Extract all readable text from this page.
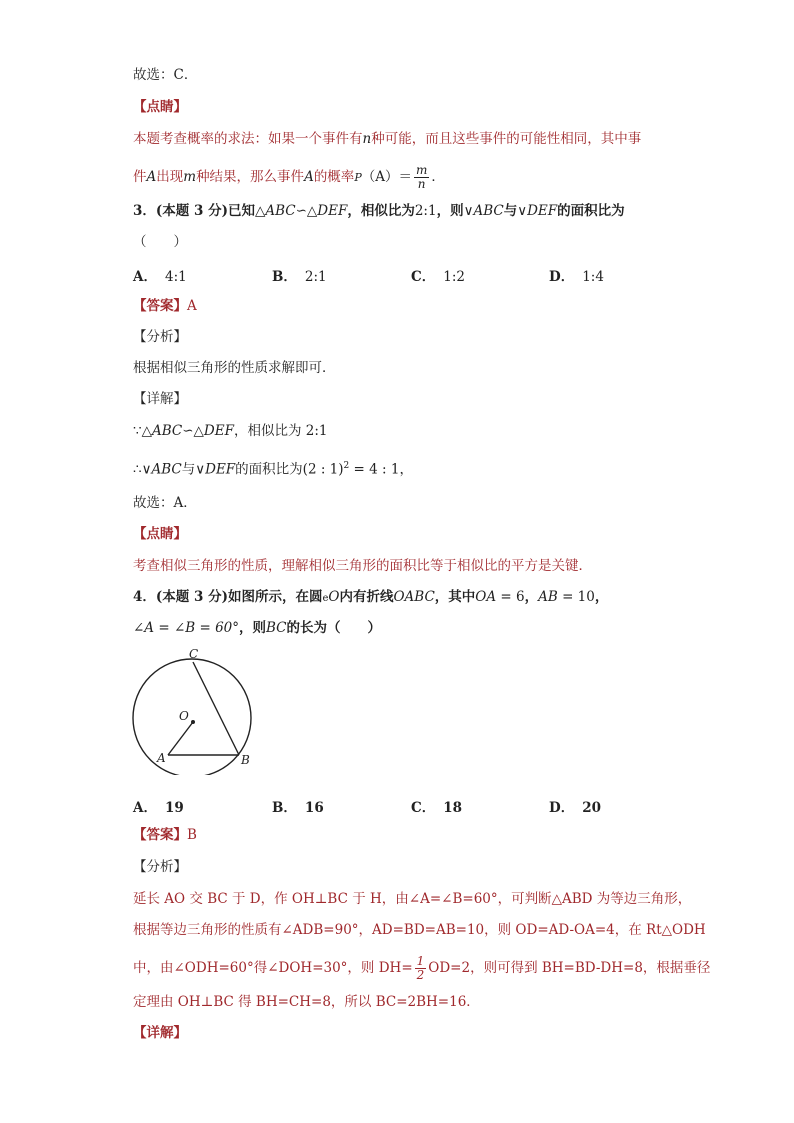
故选：C．
【点睛】
本题考查概率的求法：如果一个事件有n种可能，而且这些事件的可能性相同，其中事
件A出现m种结果，那么事件A的概率$P(A)= \frac{m}{n}$ ．
3．(本题 3 分)已知△ABC∽△DEF，相似比为2:1，则∨ABC与∨DEF的面积比为
（　　）
A． 4:1	B． 2:1	C． 1:2	D． 1:4
【答案】A
【分析】
根据相似三角形的性质求解即可．
【详解】
∵△ABC∽△DEF，相似比为 2:1
∴∨ABC与∨DEF的面积比为(2 : 1)$^2$ = 4 : 1，
故选：A．
【点睛】
考查相似三角形的性质，理解相似三角形的面积比等于相似比的平方是关键．
4．(本题 3 分)如图所示，在圆eO内有折线OABC，其中OA = 6，AB = 10，
∠A = ∠B = 60°，则BC的长为（　　）
C
O
A	B
A． 19	B． 16	C． 18	D． 20
【答案】B
【分析】
延长 AO 交 BC 于 D，作 OH⊥BC 于 H，由∠A=∠B=60°，可判断△ABD 为等边三角形，
根据等边三角形的性质有∠ADB=90°，AD=BD=AB=10，则 OD=AD-OA=4，在 Rt△ODH
中，由∠ODH=60°得∠DOH=30°，则 $DH= \frac{1}{2} OD=2$，则可得到 BH=BD-DH=8，根据垂径
定理由 OH⊥BC 得 BH=CH=8，所以 BC=2BH=16．
【详解】
